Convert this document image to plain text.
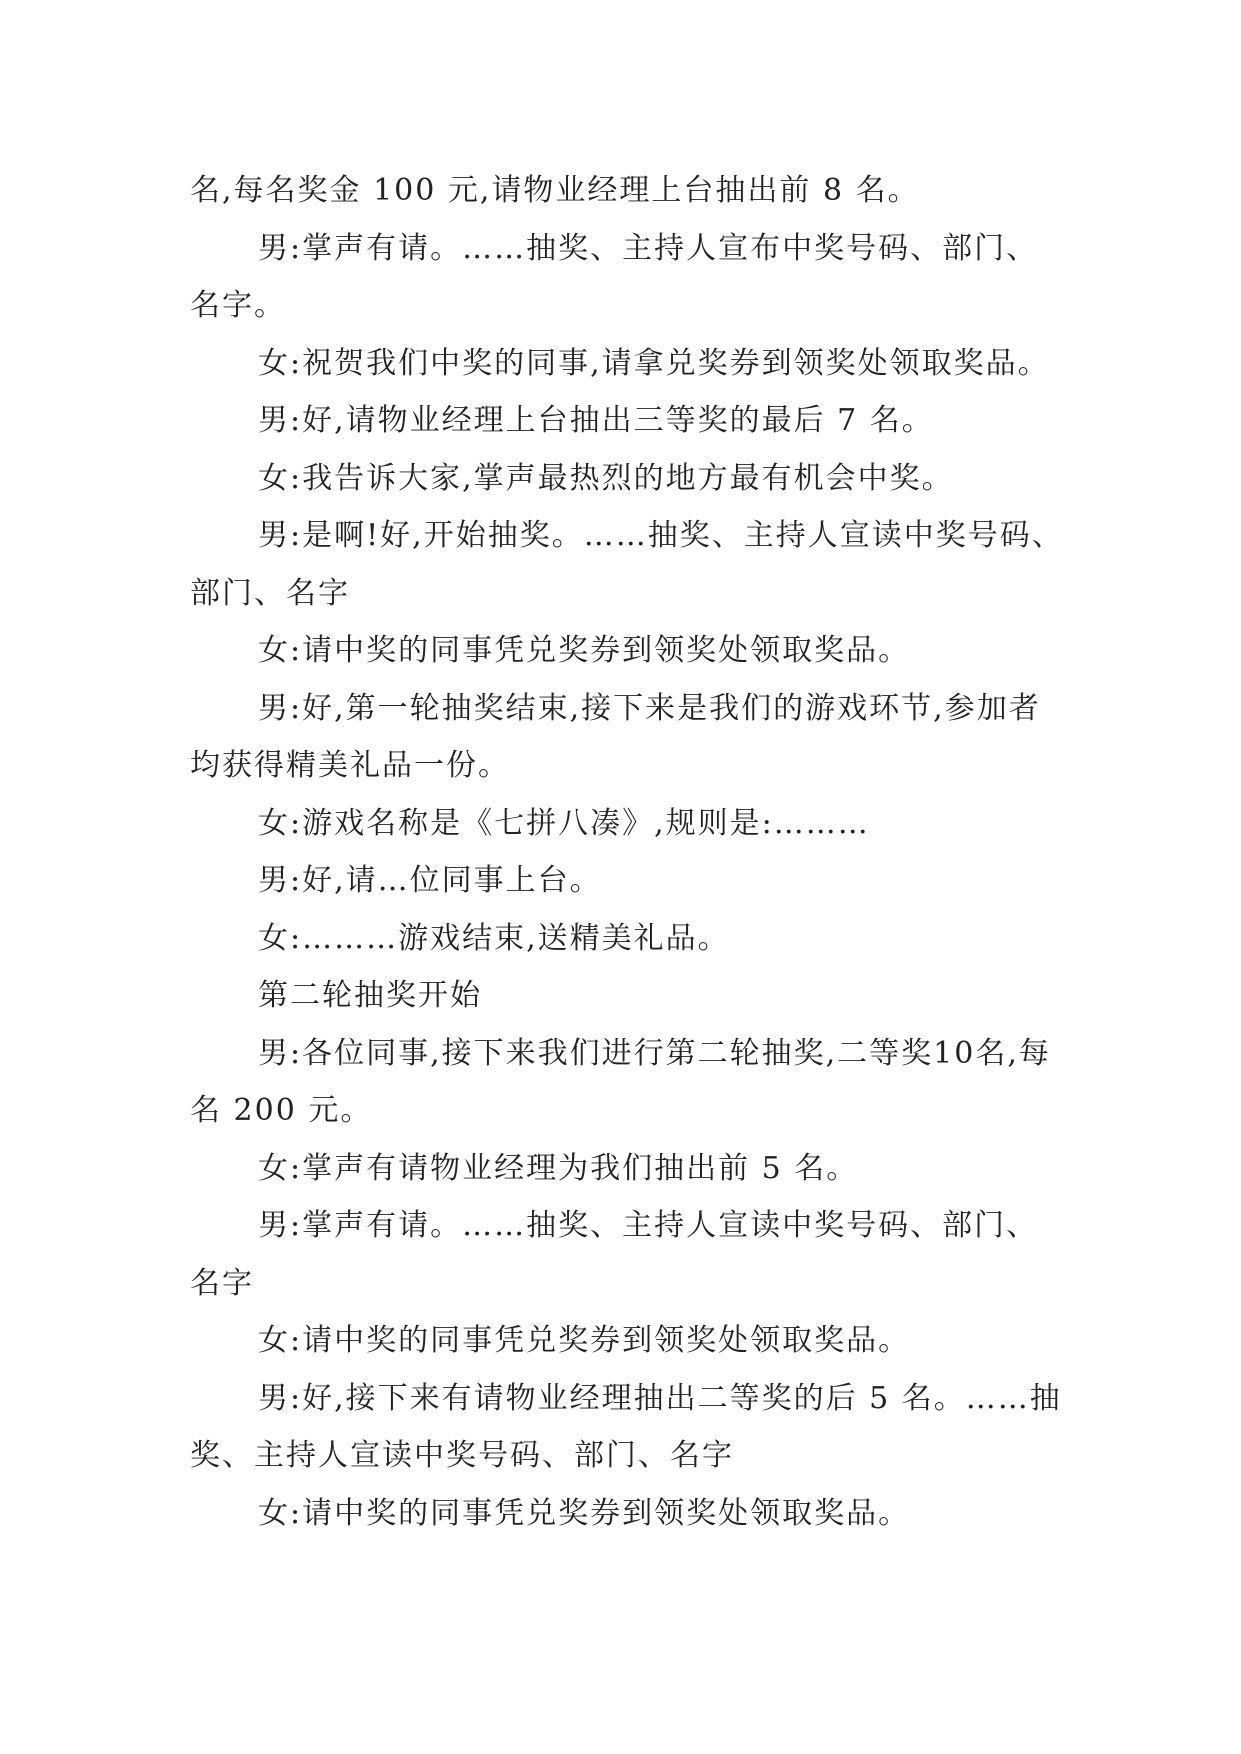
名,每名奖金 100 元,请物业经理上台抽出前 8 名。

男:掌声有请。……抽奖、主持人宣布中奖号码、部门、名字。

女:祝贺我们中奖的同事,请拿兑奖券到领奖处领取奖品。

男:好,请物业经理上台抽出三等奖的最后 7 名。

女:我告诉大家,掌声最热烈的地方最有机会中奖。

男:是啊!好,开始抽奖。……抽奖、主持人宣读中奖号码、部门、名字

女:请中奖的同事凭兑奖券到领奖处领取奖品。

男:好,第一轮抽奖结束,接下来是我们的游戏环节,参加者均获得精美礼品一份。

女:游戏名称是《七拼八凑》,规则是:………

男:好,请…位同事上台。

女:………游戏结束,送精美礼品。

第二轮抽奖开始

男:各位同事,接下来我们进行第二轮抽奖,二等奖10名,每名 200 元。

女:掌声有请物业经理为我们抽出前 5 名。

男:掌声有请。……抽奖、主持人宣读中奖号码、部门、名字

女:请中奖的同事凭兑奖券到领奖处领取奖品。

男:好,接下来有请物业经理抽出二等奖的后 5 名。……抽奖、主持人宣读中奖号码、部门、名字

女:请中奖的同事凭兑奖券到领奖处领取奖品。
